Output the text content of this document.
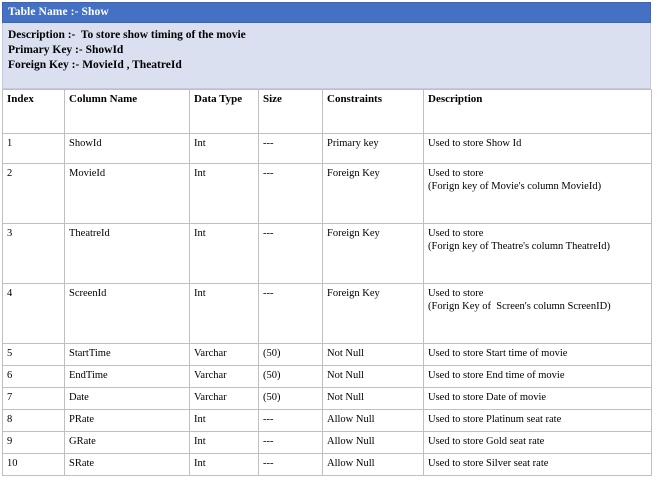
Table Name :- Show
Description :-  To store show timing of the movie
Primary Key :- ShowId
Foreign Key :- MovieId , TheatreId
Index	Column Name	Data Type	Size	Constraints	Description
1	ShowId	Int	---	Primary key	Used to store Show Id

2	MovieId	Int	---	Foreign Key	Used to store
(Forign key of Movie's column MovieId)

3	TheatreId	Int	---	Foreign Key	Used to store
(Forign key of Theatre's column TheatreId)

4	ScreenId	Int	---	Foreign Key	Used to store
(Forign Key of  Screen's column ScreenID)

5	StartTime	Varchar	(50)	Not Null	Used to store Start time of movie

6	EndTime	Varchar	(50)	Not Null	Used to store End time of movie

7	Date	Varchar	(50)	Not Null	Used to store Date of movie

8	PRate	Int	---	Allow Null	Used to store Platinum seat rate

9	GRate	Int	---	Allow Null	Used to store Gold seat rate

10	SRate	Int	---	Allow Null	Used to store Silver seat rate
